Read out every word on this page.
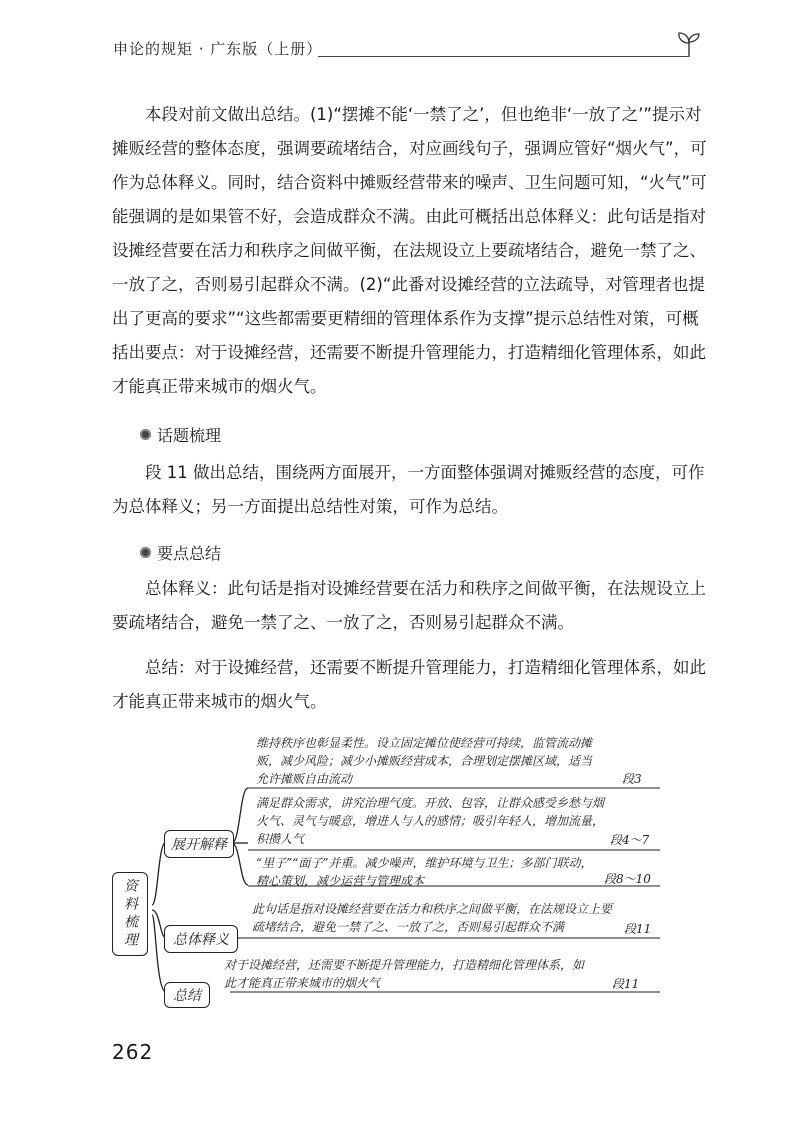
申论的规矩 · 广东版（上册）

本段对前文做出总结。(1)“摆摊不能‘一禁了之’，但也绝非‘一放了之’”提示对摊贩经营的整体态度，强调要疏堵结合，对应画线句子，强调应管好“烟火气”，可作为总体释义。同时，结合资料中摊贩经营带来的噪声、卫生问题可知，“火气”可能强调的是如果管不好，会造成群众不满。由此可概括出总体释义：此句话是指对设摊经营要在活力和秩序之间做平衡，在法规设立上要疏堵结合，避免一禁了之、一放了之，否则易引起群众不满。(2)“此番对设摊经营的立法疏导，对管理者也提出了更高的要求”“这些都需要更精细的管理体系作为支撑”提示总结性对策，可概括出要点：对于设摊经营，还需要不断提升管理能力，打造精细化管理体系，如此才能真正带来城市的烟火气。

话题梳理

段 11 做出总结，围绕两方面展开，一方面整体强调对摊贩经营的态度，可作为总体释义；另一方面提出总结性对策，可作为总结。

要点总结

总体释义：此句话是指对设摊经营要在活力和秩序之间做平衡，在法规设立上要疏堵结合，避免一禁了之、一放了之，否则易引起群众不满。

总结：对于设摊经营，还需要不断提升管理能力，打造精细化管理体系，如此才能真正带来城市的烟火气。

资料梳理
展开解释
总体释义
总结
维持秩序也彰显柔性。设立固定摊位使经营可持续，监管流动摊贩，减少风险；减少小摊贩经营成本，合理划定摆摊区域，适当允许摊贩自由流动	段3
满足群众需求，讲究治理气度。开放、包容，让群众感受乡愁与烟火气、灵气与暖意，增进人与人的感情；吸引年轻人，增加流量，积攒人气	段4～7
“里子”“面子”并重。减少噪声，维护环境与卫生；多部门联动，精心策划，减少运营与管理成本	段8～10
此句话是指对设摊经营要在活力和秩序之间做平衡，在法规设立上要疏堵结合，避免一禁了之、一放了之，否则易引起群众不满	段11
对于设摊经营，还需要不断提升管理能力，打造精细化管理体系，如此才能真正带来城市的烟火气	段11
262
